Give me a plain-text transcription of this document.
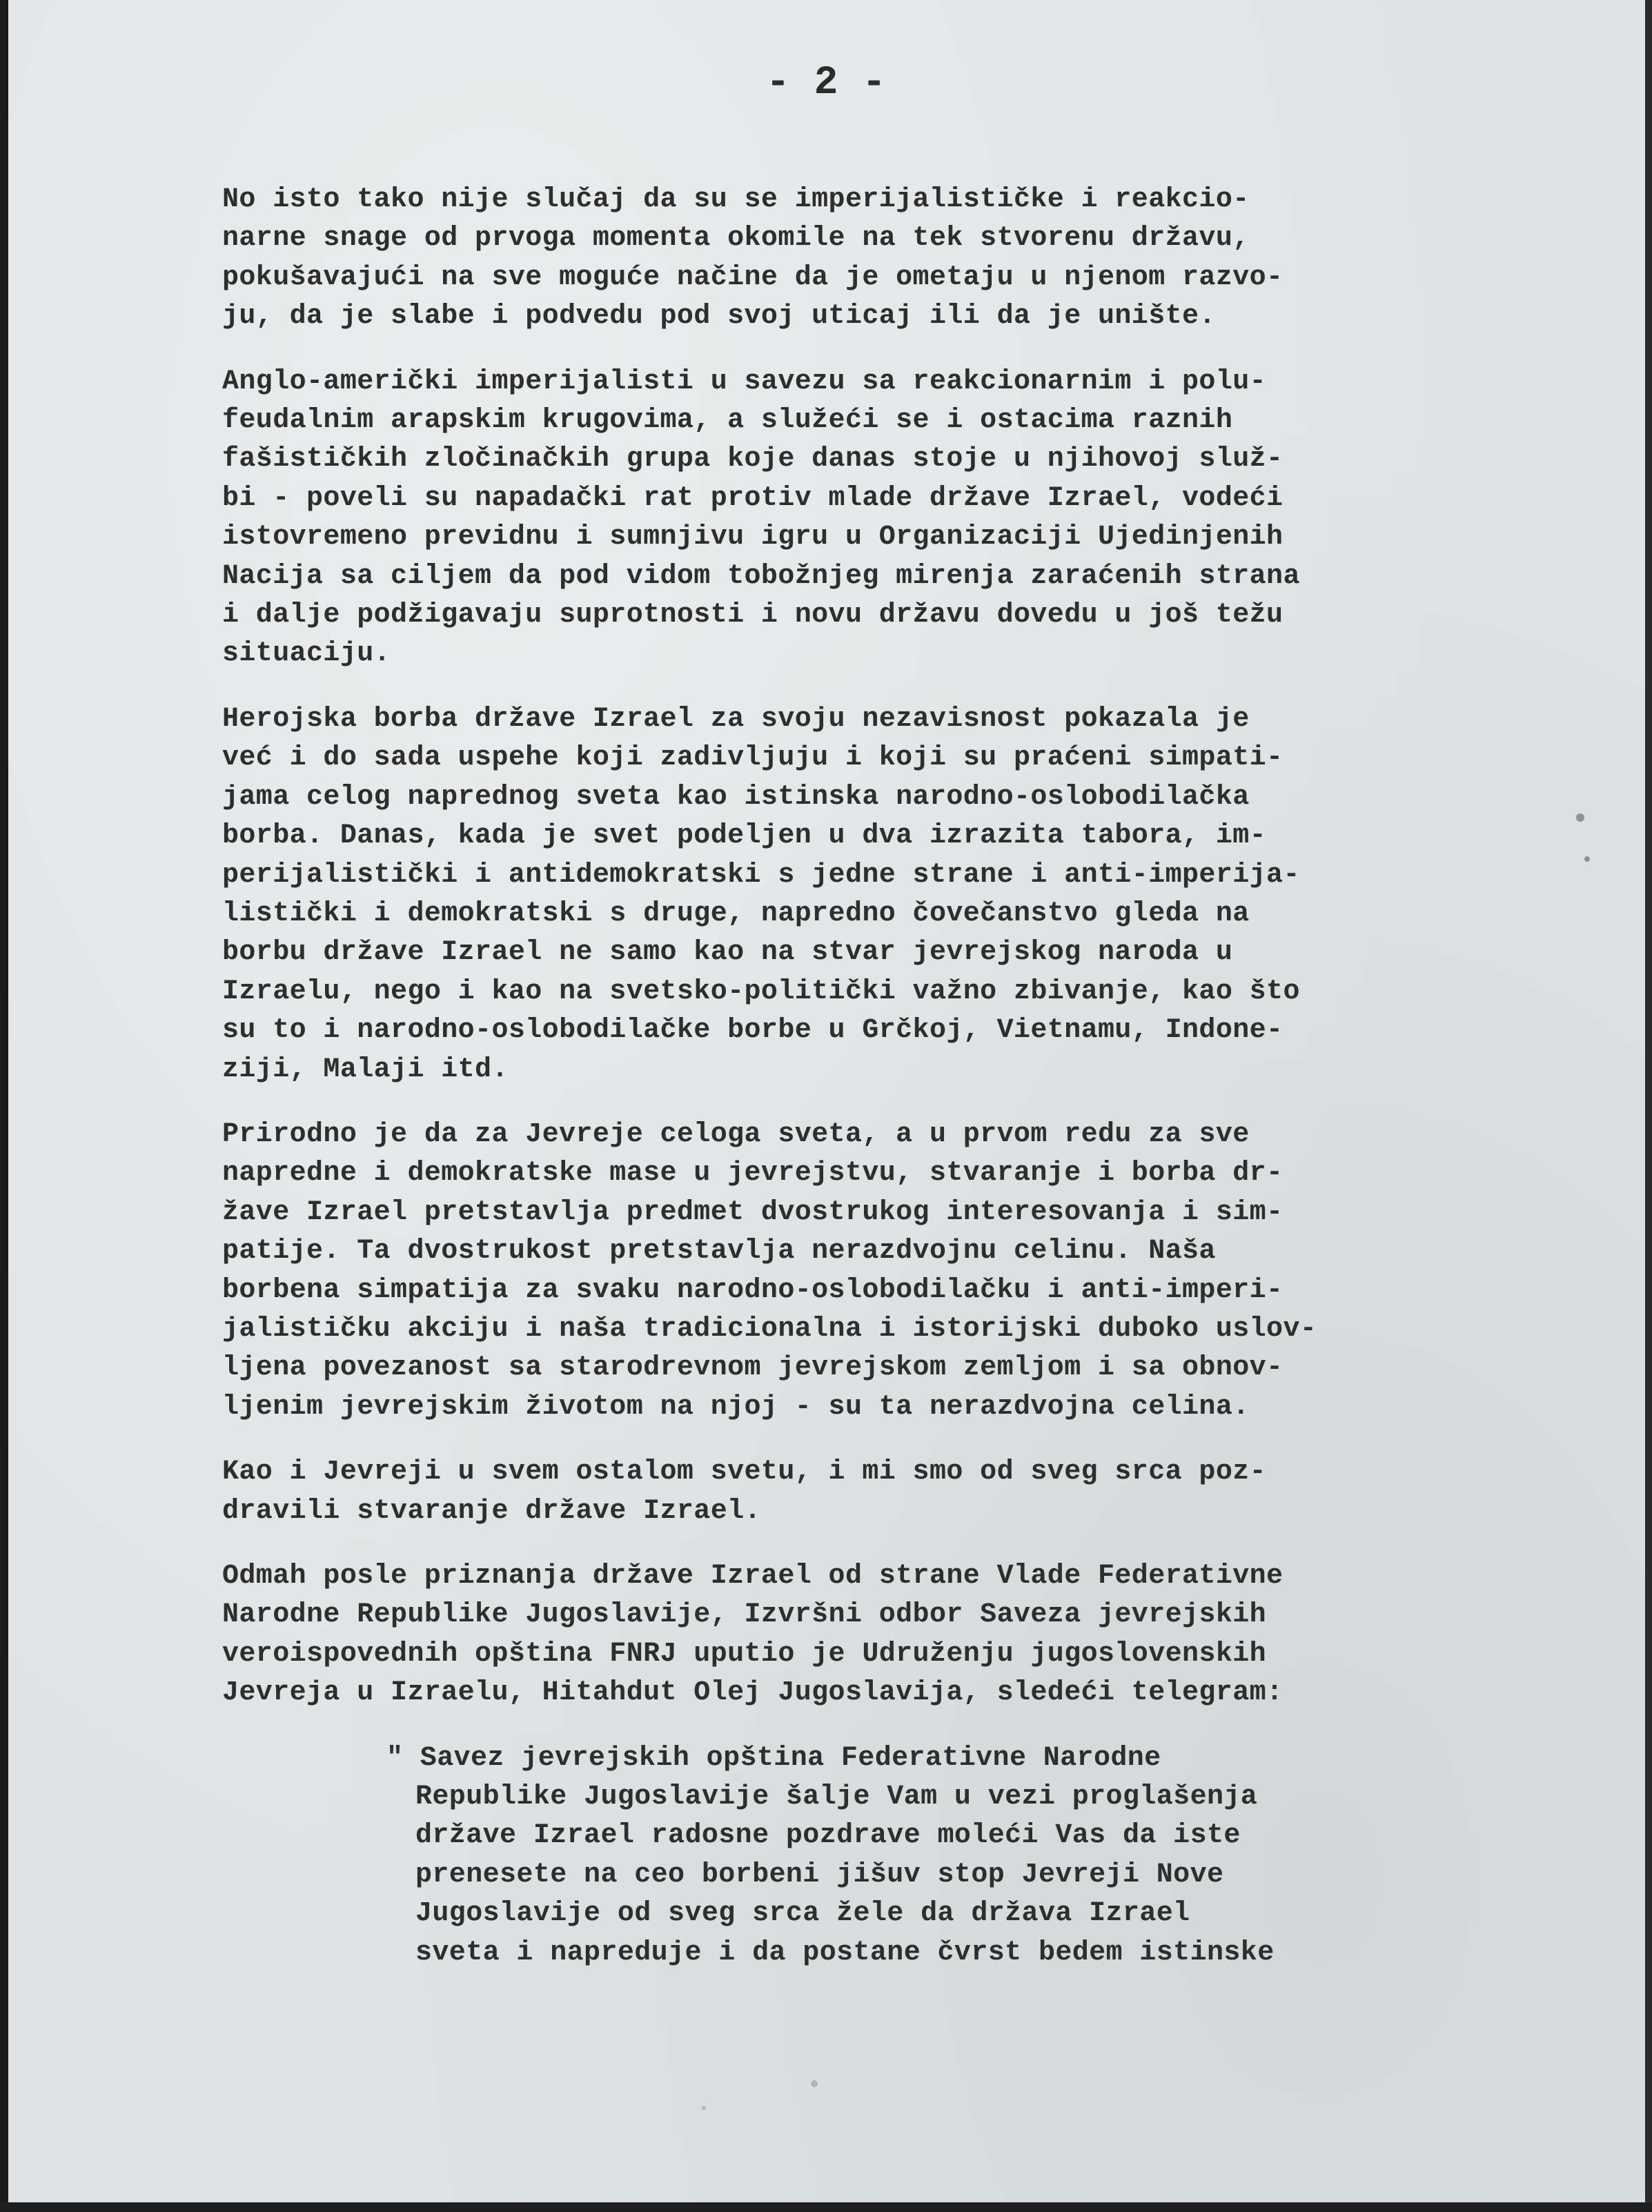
- 2 -
No isto tako nije slučaj da su se imperijalističke i reakcio-
narne snage od prvoga momenta okomile na tek stvorenu državu,
pokušavajući na sve moguće načine da je ometaju u njenom razvo-
ju, da je slabe i podvedu pod svoj uticaj ili da je unište.
Anglo-američki imperijalisti u savezu sa reakcionarnim i polu-
feudalnim arapskim krugovima, a služeći se i ostacima raznih
fašističkih zločinačkih grupa koje danas stoje u njihovoj služ-
bi - poveli su napadački rat protiv mlade države Izrael, vodeći
istovremeno previdnu i sumnjivu igru u Organizaciji Ujedinjenih
Nacija sa ciljem da pod vidom tobožnjeg mirenja zaraćenih strana
i dalje podžigavaju suprotnosti i novu državu dovedu u još težu
situaciju.
Herojska borba države Izrael za svoju nezavisnost pokazala je
već i do sada uspehe koji zadivljuju i koji su praćeni simpati-
jama celog naprednog sveta kao istinska narodno-oslobodilačka
borba. Danas, kada je svet podeljen u dva izrazita tabora, im-
perijalistički i antidemokratski s jedne strane i anti-imperija-
listički i demokratski s druge, napredno čovečanstvo gleda na
borbu države Izrael ne samo kao na stvar jevrejskog naroda u
Izraelu, nego i kao na svetsko-politički važno zbivanje, kao što
su to i narodno-oslobodilačke borbe u Grčkoj, Vietnamu, Indone-
ziji, Malaji itd.
Prirodno je da za Jevreje celoga sveta, a u prvom redu za sve
napredne i demokratske mase u jevrejstvu, stvaranje i borba dr-
žave Izrael pretstavlja predmet dvostrukog interesovanja i sim-
patije. Ta dvostrukost pretstavlja nerazdvojnu celinu. Naša
borbena simpatija za svaku narodno-oslobodilačku i anti-imperi-
jalističku akciju i naša tradicionalna i istorijski duboko uslov-
ljena povezanost sa starodrevnom jevrejskom zemljom i sa obnov-
ljenim jevrejskim životom na njoj - su ta nerazdvojna celina.
Kao i Jevreji u svem ostalom svetu, i mi smo od sveg srca poz-
dravili stvaranje države Izrael.
Odmah posle priznanja države Izrael od strane Vlade Federativne
Narodne Republike Jugoslavije, Izvršni odbor Saveza jevrejskih
veroispovednih opština FNRJ uputio je Udruženju jugoslovenskih
Jevreja u Izraelu, Hitahdut Olej Jugoslavija, sledeći telegram:
" Savez jevrejskih opština Federativne Narodne
Republike Jugoslavije šalje Vam u vezi proglašenja
države Izrael radosne pozdrave moleći Vas da iste
prenesete na ceo borbeni jišuv stop Jevreji Nove
Jugoslavije od sveg srca žele da država Izrael
sveta i napreduje i da postane čvrst bedem istinske
